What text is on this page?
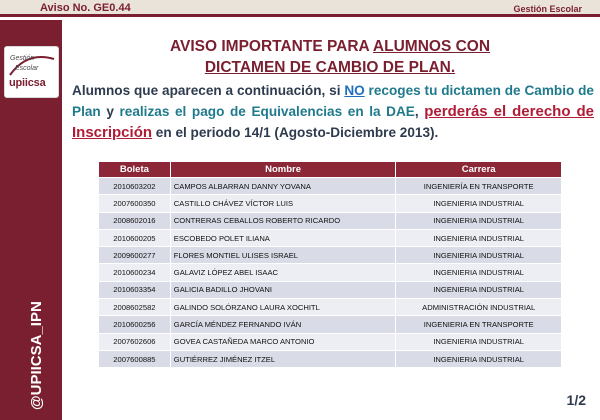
Aviso No. GE0.44	Gestión Escolar
Gestión
Escolar
upiicsa
@UPIICSA_IPN
AVISO IMPORTANTE PARA ALUMNOS CON
DICTAMEN DE CAMBIO DE PLAN.
Alumnos que aparecen a continuación, si NO recoges tu dictamen de Cambio de Plan y realizas el pago de Equivalencias en la DAE, perderás el derecho de Inscripción en el periodo 14/1 (Agosto-Diciembre 2013).
Boleta	Nombre	Carrera
2010603202	CAMPOS ALBARRAN DANNY YOVANA	INGENIERÍA EN TRANSPORTE
2007600350	CASTILLO CHÁVEZ VÍCTOR LUIS	INGENIERIA INDUSTRIAL
2008602016	CONTRERAS CEBALLOS ROBERTO RICARDO	INGENIERIA INDUSTRIAL
2010600205	ESCOBEDO POLET ILIANA	INGENIERIA INDUSTRIAL
2009600277	FLORES MONTIEL ULISES ISRAEL	INGENIERIA INDUSTRIAL
2010600234	GALAVIZ LÓPEZ ABEL ISAAC	INGENIERIA INDUSTRIAL
2010603354	GALICIA BADILLO JHOVANI	INGENIERIA INDUSTRIAL
2008602582	GALINDO SOLÓRZANO LAURA XOCHITL	ADMINISTRACIÓN INDUSTRIAL
2010600256	GARCÍA MÉNDEZ FERNANDO IVÁN	INGENIERIA EN TRANSPORTE
2007602606	GOVEA CASTAÑEDA MARCO ANTONIO	INGENIERIA INDUSTRIAL
2007600885	GUTIÉRREZ JIMÉNEZ ITZEL	INGENIERIA INDUSTRIAL
1/2
